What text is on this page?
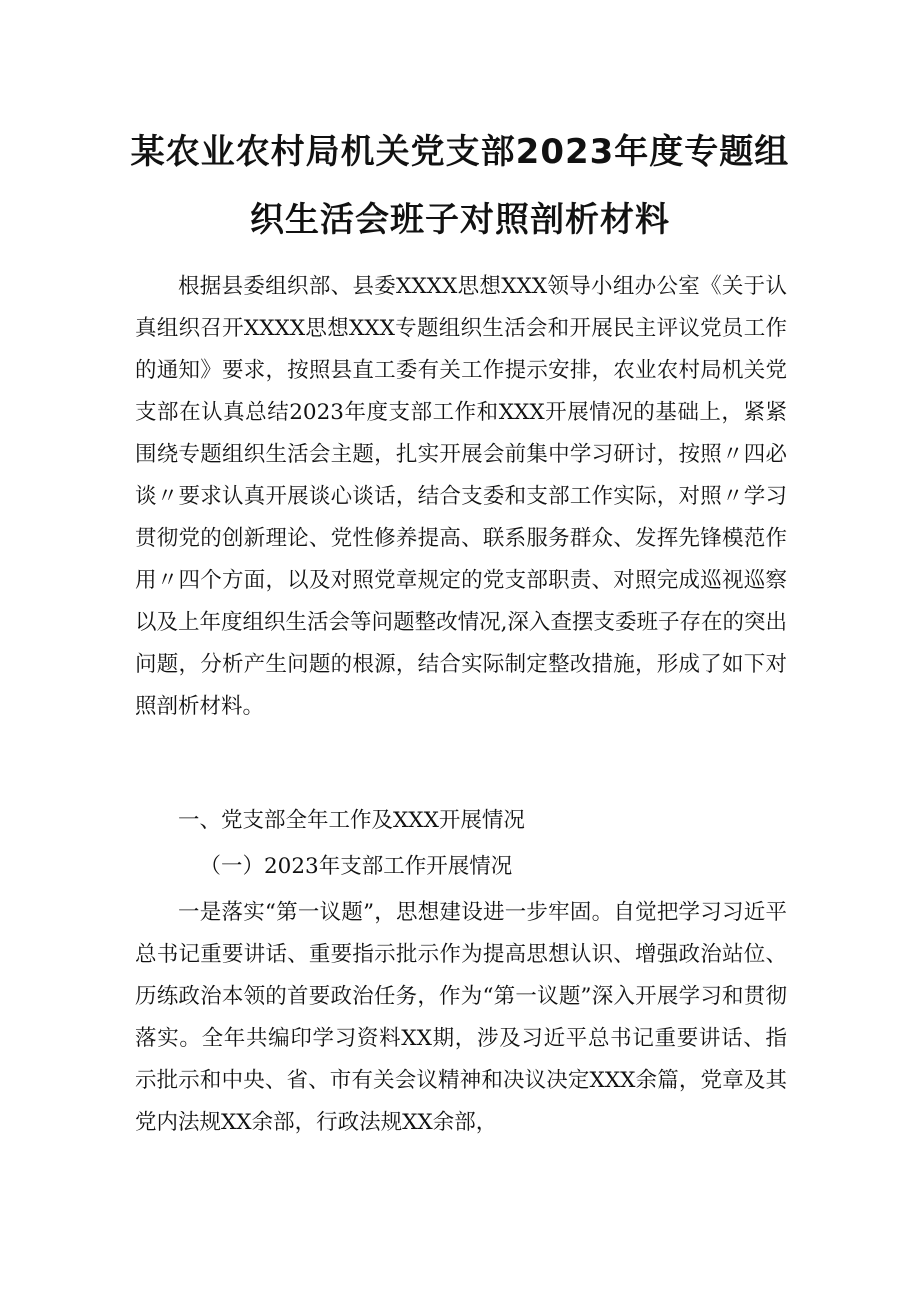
某农业农村局机关党支部2023年度专题组
织生活会班子对照剖析材料

根据县委组织部、县委XXXX思想XXX领导小组办公室《关于认真组织召开XXXX思想XXX专题组织生活会和开展民主评议党员工作的通知》要求，按照县直工委有关工作提示安排，农业农村局机关党支部在认真总结2023年度支部工作和XXX开展情况的基础上，紧紧围绕专题组织生活会主题，扎实开展会前集中学习研讨，按照〃四必谈〃要求认真开展谈心谈话，结合支委和支部工作实际，对照〃学习贯彻党的创新理论、党性修养提高、联系服务群众、发挥先锋模范作用〃四个方面，以及对照党章规定的党支部职责、对照完成巡视巡察以及上年度组织生活会等问题整改情况,深入查摆支委班子存在的突出问题，分析产生问题的根源，结合实际制定整改措施，形成了如下对照剖析材料。

一、党支部全年工作及XXX开展情况

（一）2023年支部工作开展情况

一是落实“第一议题”，思想建设进一步牢固。自觉把学习习近平总书记重要讲话、重要指示批示作为提高思想认识、增强政治站位、历练政治本领的首要政治任务，作为“第一议题”深入开展学习和贯彻落实。全年共编印学习资料XX期，涉及习近平总书记重要讲话、指示批示和中央、省、市有关会议精神和决议决定XXX余篇，党章及其党内法规XX余部，行政法规XX余部，
